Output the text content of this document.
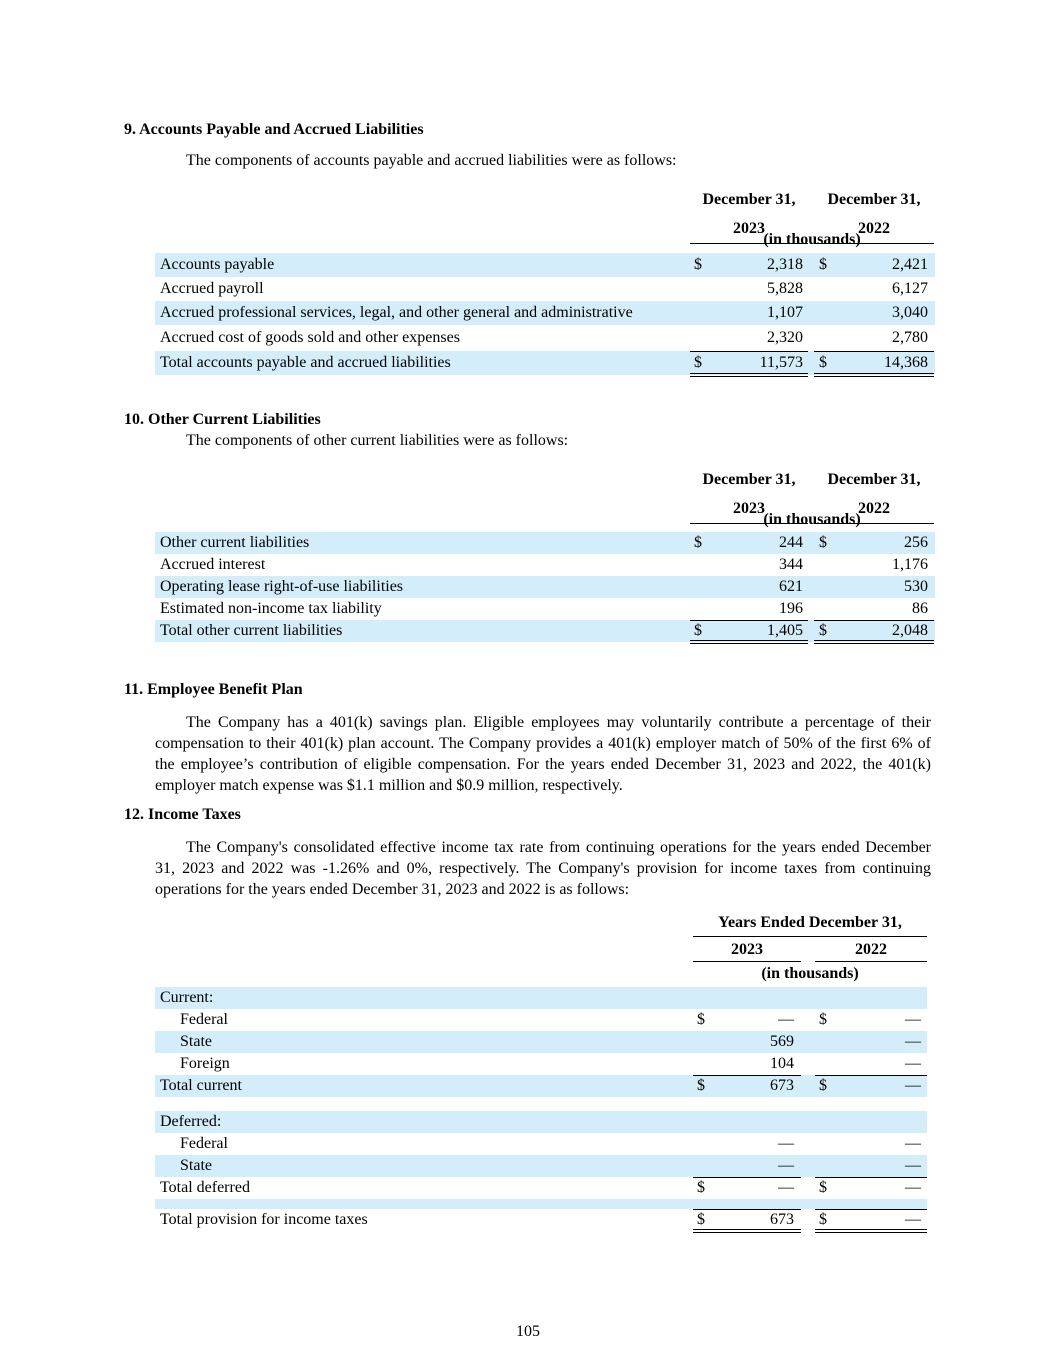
9. Accounts Payable and Accrued Liabilities
The components of accounts payable and accrued liabilities were as follows:
December 31,
2023
December 31,
2022
(in thousands)
Accounts payable	$	2,318 $	2,421
Accrued payroll	5,828	6,127
Accrued professional services, legal, and other general and administrative	1,107	3,040
Accrued cost of goods sold and other expenses	2,320	2,780
Total accounts payable and accrued liabilities	$	11,573 $	14,368
10. Other Current Liabilities
The components of other current liabilities were as follows:
December 31,
2023
December 31,
2022
(in thousands)
Other current liabilities	$	244 $	256
Accrued interest	344	1,176
Operating lease right-of-use liabilities	621	530
Estimated non-income tax liability	196	86
Total other current liabilities	$	1,405 $	2,048
11. Employee Benefit Plan
The Company has a 401(k) savings plan. Eligible employees may voluntarily contribute a percentage of their compensation to their 401(k) plan account. The Company provides a 401(k) employer match of 50% of the first 6% of the employee’s contribution of eligible compensation. For the years ended December 31, 2023 and 2022, the 401(k) employer match expense was $1.1 million and $0.9 million, respectively.
12. Income Taxes
The Company's consolidated effective income tax rate from continuing operations for the years ended December 31, 2023 and 2022 was -1.26% and 0%, respectively. The Company's provision for income taxes from continuing operations for the years ended December 31, 2023 and 2022 is as follows:
Years Ended December 31,
2023	2022
(in thousands)
Current:
Federal	$	— $	—
State	569	—
Foreign	104	—
Total current	$	673 $	—
Deferred:
Federal	—	—
State	—	—
Total deferred	$	— $	—
Total provision for income taxes	$	673 $	—
105
